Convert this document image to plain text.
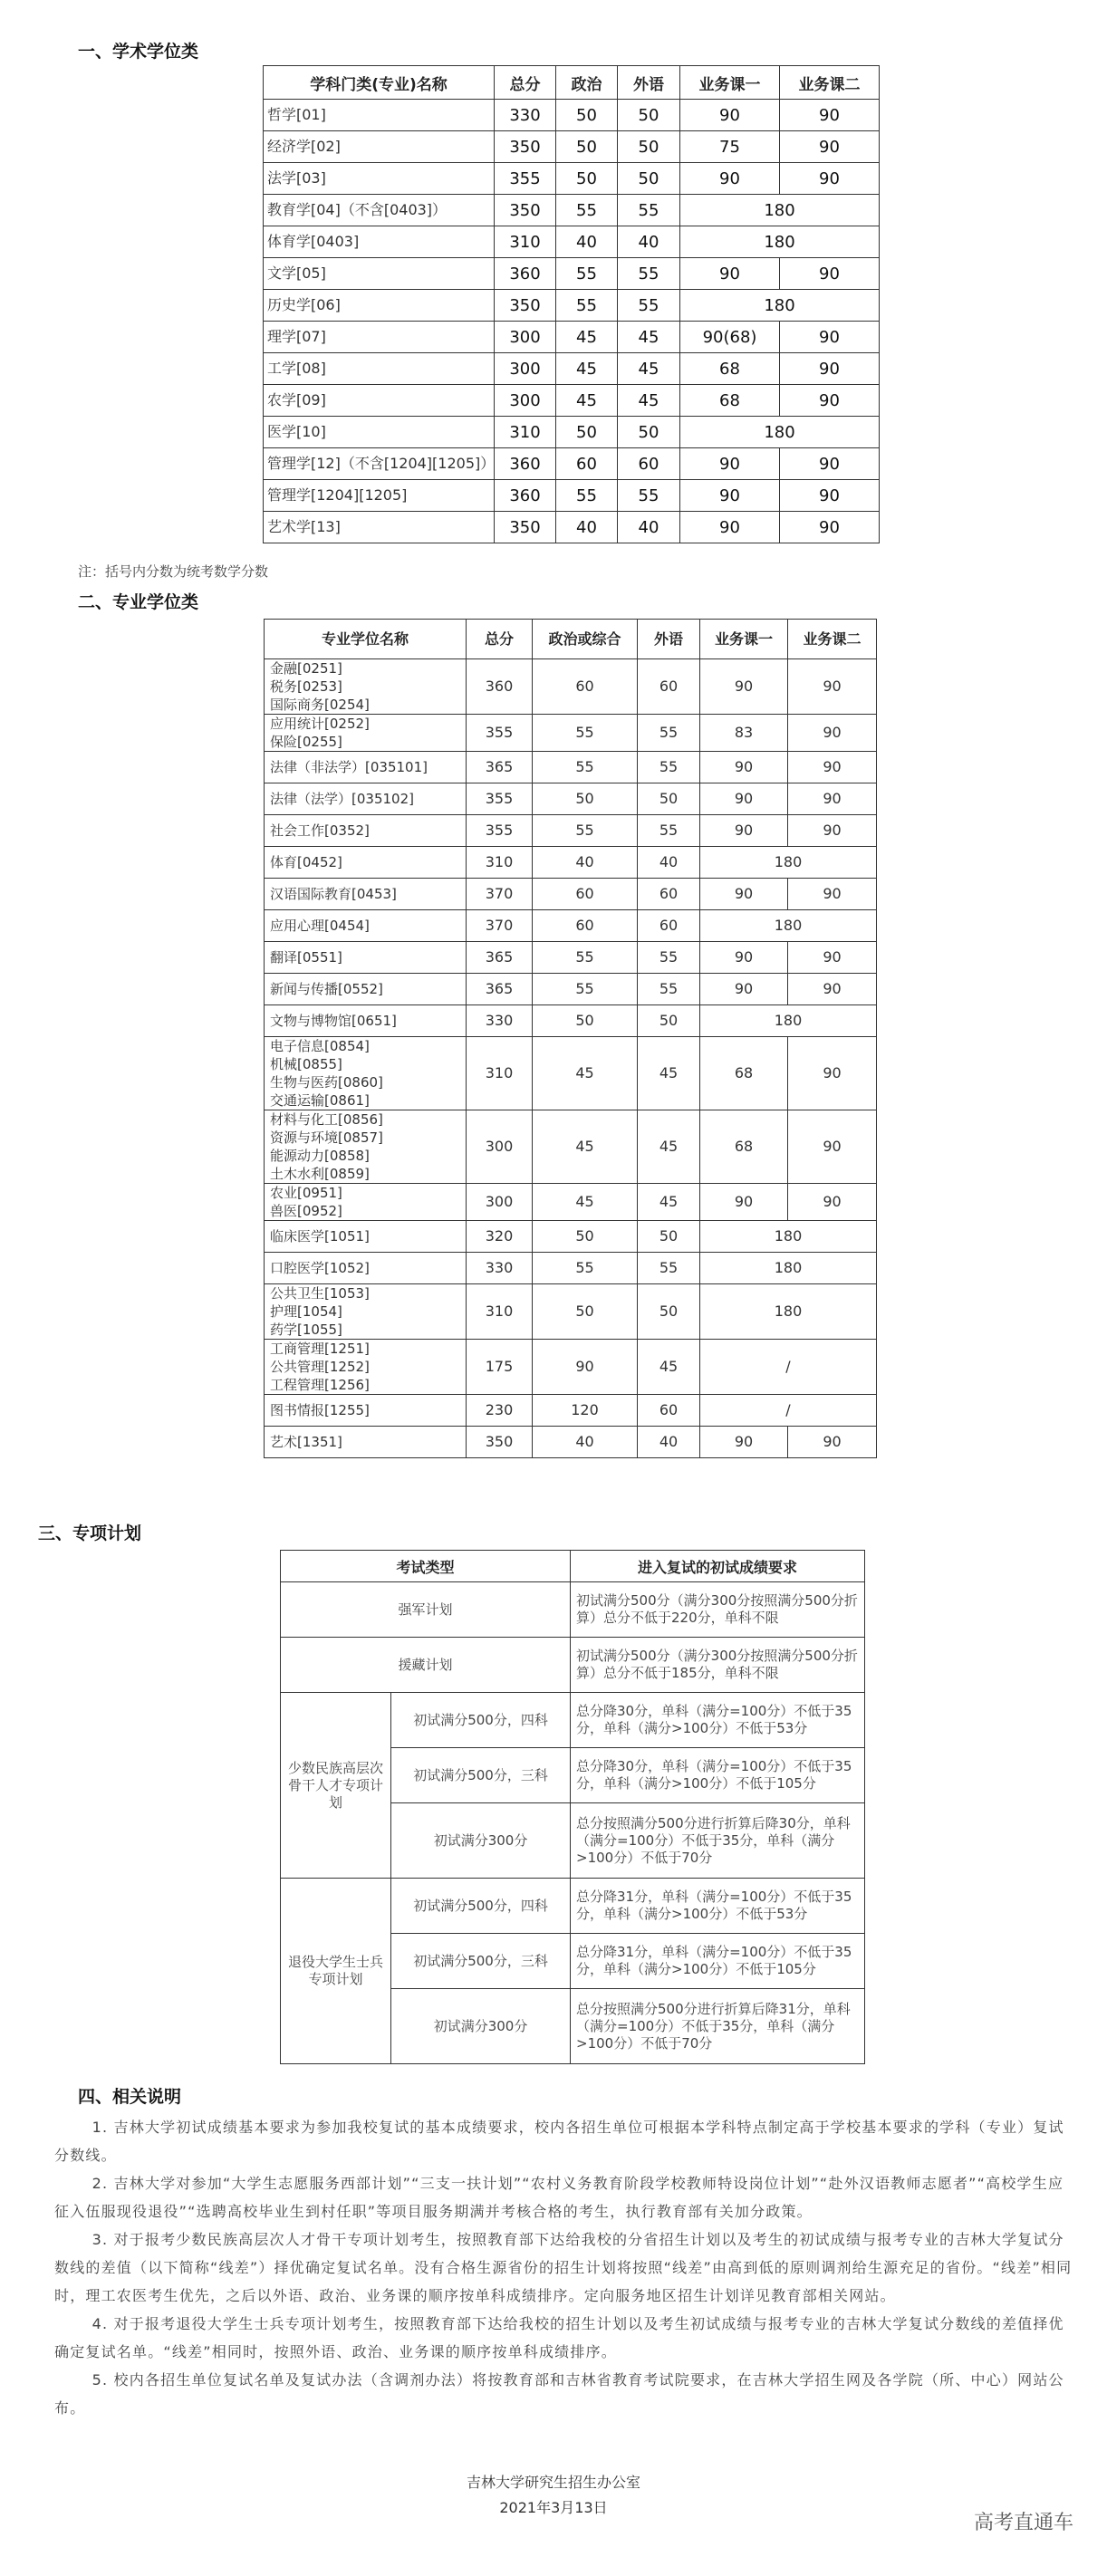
一、学术学位类
学科门类(专业)名称	总分	政治	外语	业务课一	业务课二
哲学[01]	330	50	50	90	90
经济学[02]	350	50	50	75	90
法学[03]	355	50	50	90	90
教育学[04]（不含[0403]）	350	55	55	180	
体育学[0403]	310	40	40	180	
文学[05]	360	55	55	90	90
历史学[06]	350	55	55	180	
理学[07]	300	45	45	90(68)	90
工学[08]	300	45	45	68	90
农学[09]	300	45	45	68	90
医学[10]	310	50	50	180	
管理学[12]（不含[1204][1205]）	360	60	60	90	90
管理学[1204][1205]	360	55	55	90	90
艺术学[13]	350	40	40	90	90
注：括号内分数为统考数学分数
二、专业学位类
专业学位名称	总分	政治或综合	外语	业务课一	业务课二

金融[0251]
税务[0253]
国际商务[0254]	360	60	60	90	90

应用统计[0252]
保险[0255]	355	55	55	83	90

法律（非法学）[035101]	365	55	55	90	90

法律（法学）[035102]	355	50	50	90	90

社会工作[0352]	355	55	55	90	90

体育[0452]	310	40	40	180	

汉语国际教育[0453]	370	60	60	90	90

应用心理[0454]	370	60	60	180	

翻译[0551]	365	55	55	90	90

新闻与传播[0552]	365	55	55	90	90

文物与博物馆[0651]	330	50	50	180	

电子信息[0854]
机械[0855]
生物与医药[0860]
交通运输[0861]	310	45	45	68	90

材料与化工[0856]
资源与环境[0857]
能源动力[0858]
土木水利[0859]	300	45	45	68	90

农业[0951]
兽医[0952]	300	45	45	90	90

临床医学[1051]	320	50	50	180	

口腔医学[1052]	330	55	55	180	

公共卫生[1053]
护理[1054]
药学[1055]	310	50	50	180	

工商管理[1251]
公共管理[1252]
工程管理[1256]	175	90	45	/	

图书情报[1255]	230	120	60	/	

艺术[1351]	350	40	40	90	90
三、专项计划
考试类型		进入复试的初试成绩要求
强军计划		初试满分500分（满分300分按照满分500分折算）总分不低于220分，单科不限
援藏计划		初试满分500分（满分300分按照满分500分折算）总分不低于185分，单科不限
少数民族高层次骨干人才专项计划	初试满分500分，四科	总分降30分，单科（满分=100分）不低于35分，单科（满分>100分）不低于53分
	初试满分500分，三科	总分降30分，单科（满分=100分）不低于35分，单科（满分>100分）不低于105分
	初试满分300分	总分按照满分500分进行折算后降30分，单科（满分=100分）不低于35分，单科（满分>100分）不低于70分
退役大学生士兵专项计划	初试满分500分，四科	总分降31分，单科（满分=100分）不低于35分，单科（满分>100分）不低于53分
	初试满分500分，三科	总分降31分，单科（满分=100分）不低于35分，单科（满分>100分）不低于105分
	初试满分300分	总分按照满分500分进行折算后降31分，单科（满分=100分）不低于35分，单科（满分>100分）不低于70分
四、相关说明

1. 吉林大学初试成绩基本要求为参加我校复试的基本成绩要求，校内各招生单位可根据本学科特点制定高于学校基本要求的学科（专业）复试分数线。

2. 吉林大学对参加“大学生志愿服务西部计划”“三支一扶计划”“农村义务教育阶段学校教师特设岗位计划”“赴外汉语教师志愿者”“高校学生应征入伍服现役退役”“选聘高校毕业生到村任职”等项目服务期满并考核合格的考生，执行教育部有关加分政策。

3. 对于报考少数民族高层次人才骨干专项计划考生，按照教育部下达给我校的分省招生计划以及考生的初试成绩与报考专业的吉林大学复试分数线的差值（以下简称“线差”）择优确定复试名单。没有合格生源省份的招生计划将按照“线差”由高到低的原则调剂给生源充足的省份。“线差”相同时，理工农医考生优先，之后以外语、政治、业务课的顺序按单科成绩排序。定向服务地区招生计划详见教育部相关网站。

4. 对于报考退役大学生士兵专项计划考生，按照教育部下达给我校的招生计划以及考生初试成绩与报考专业的吉林大学复试分数线的差值择优确定复试名单。“线差”相同时，按照外语、政治、业务课的顺序按单科成绩排序。

5. 校内各招生单位复试名单及复试办法（含调剂办法）将按教育部和吉林省教育考试院要求，在吉林大学招生网及各学院（所、中心）网站公布。

吉林大学研究生招生办公室
2021年3月13日
高考直通车
